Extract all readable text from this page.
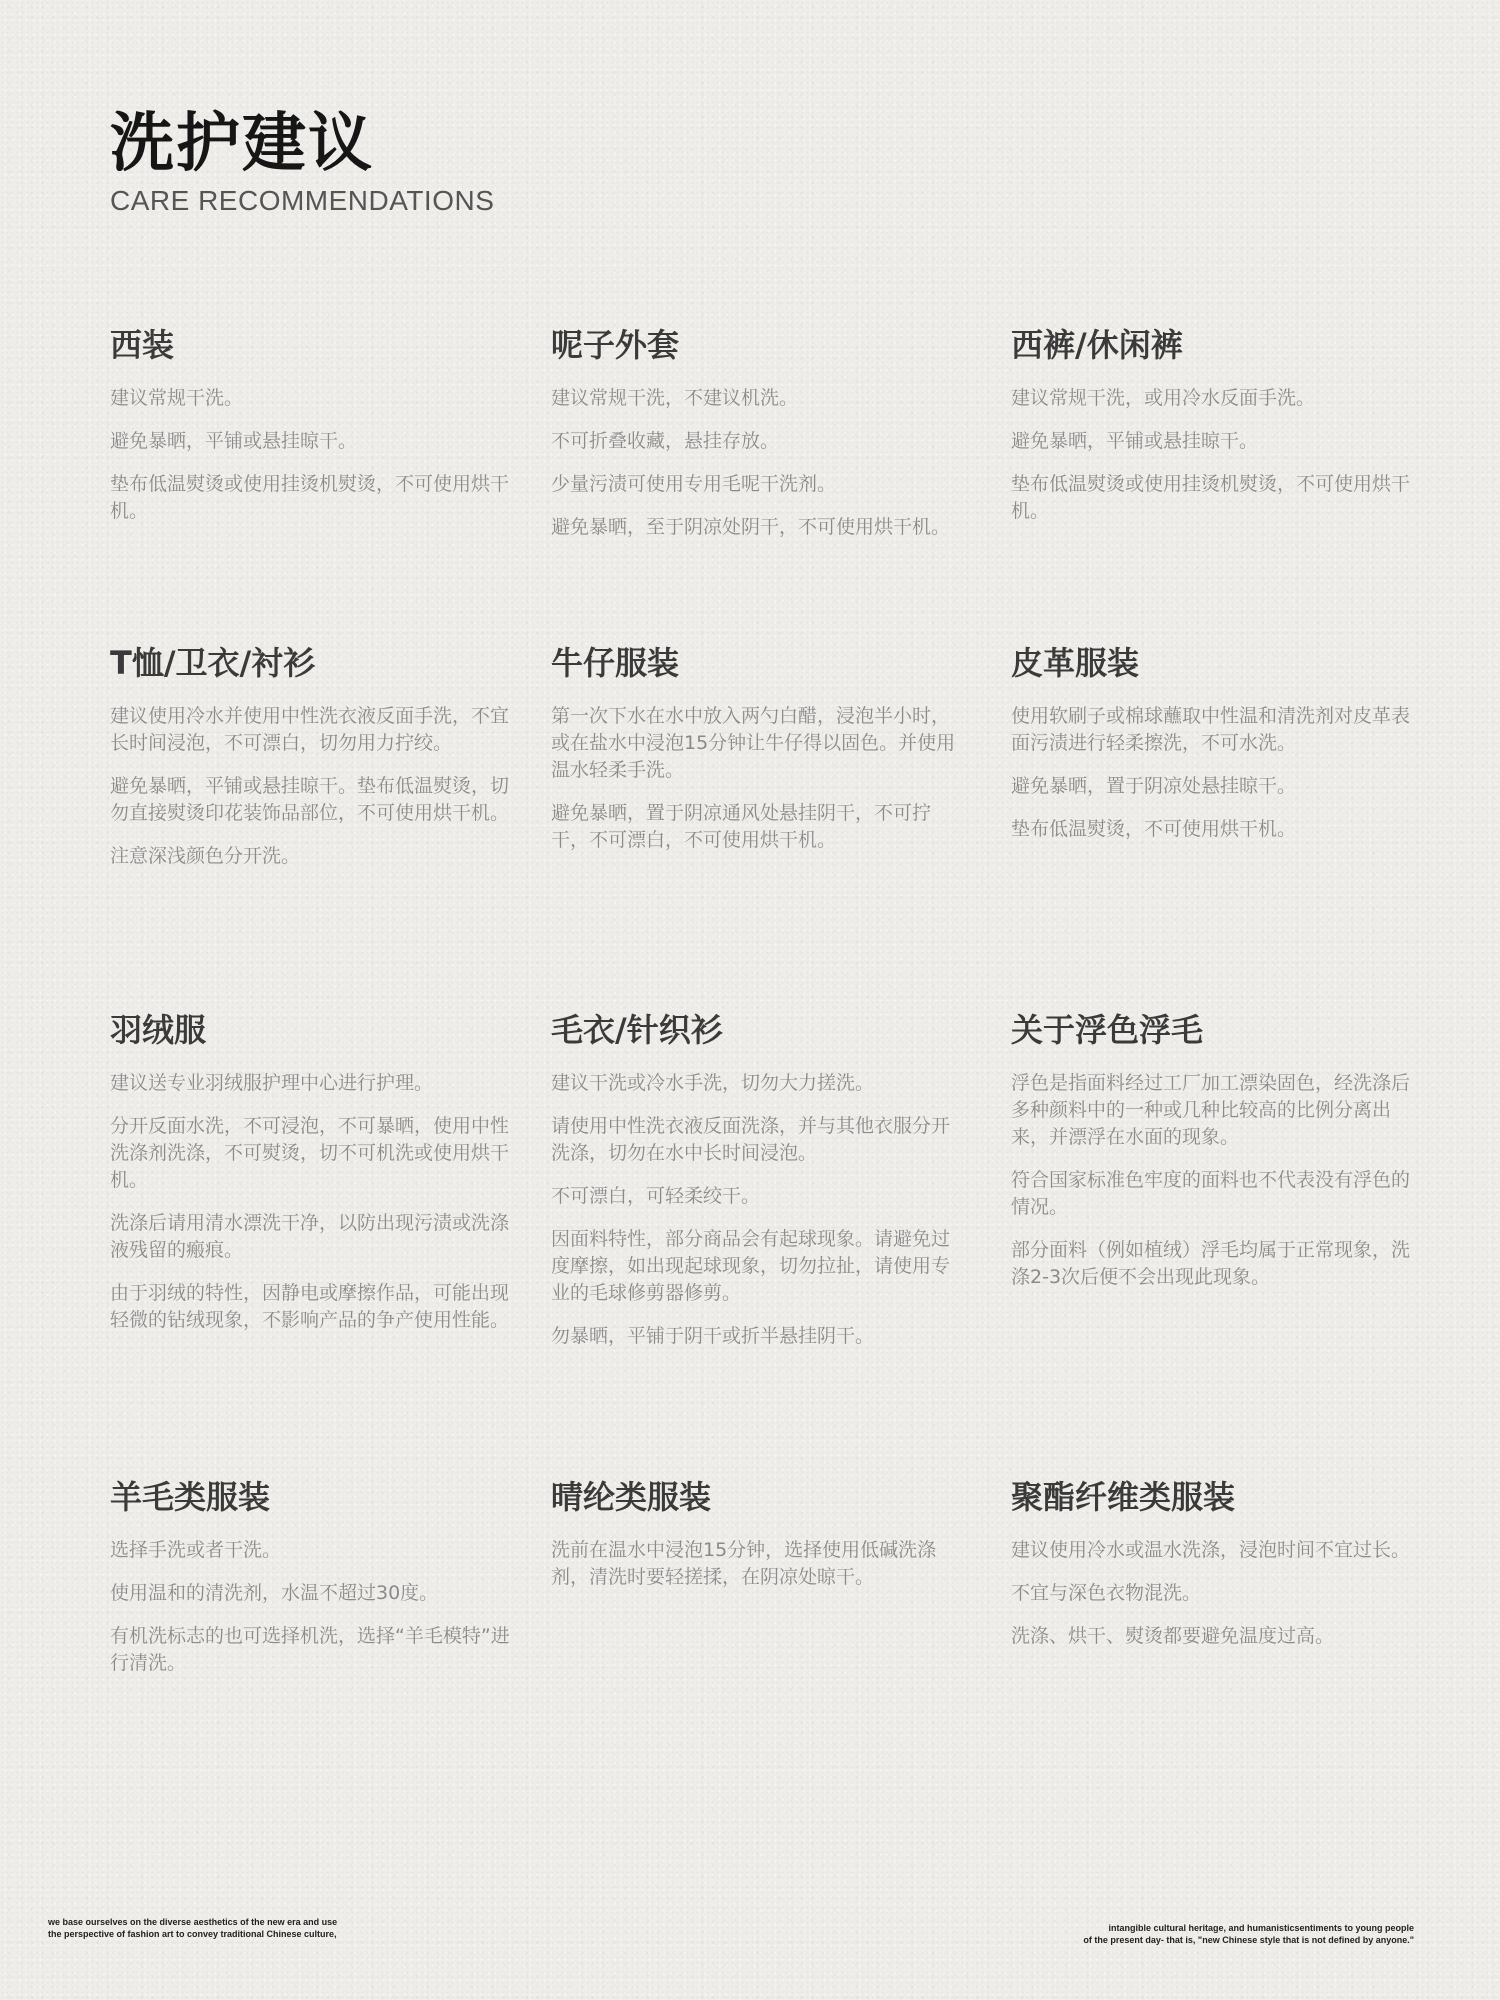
洗护建议
CARE RECOMMENDATIONS
西装

建议常规干洗。

避免暴晒，平铺或悬挂晾干。

垫布低温熨烫或使用挂烫机熨烫，不可使用烘干机。

呢子外套

建议常规干洗，不建议机洗。

不可折叠收藏，悬挂存放。

少量污渍可使用专用毛呢干洗剂。

避免暴晒，至于阴凉处阴干，不可使用烘干机。

西裤/休闲裤

建议常规干洗，或用冷水反面手洗。

避免暴晒，平铺或悬挂晾干。

垫布低温熨烫或使用挂烫机熨烫，不可使用烘干机。

T恤/卫衣/衬衫

建议使用冷水并使用中性洗衣液反面手洗，不宜长时间浸泡，不可漂白，切勿用力拧绞。

避免暴晒，平铺或悬挂晾干。垫布低温熨烫，切勿直接熨烫印花装饰品部位，不可使用烘干机。

注意深浅颜色分开洗。

牛仔服装

第一次下水在水中放入两勺白醋，浸泡半小时，或在盐水中浸泡15分钟让牛仔得以固色。并使用温水轻柔手洗。

避免暴晒，置于阴凉通风处悬挂阴干，不可拧干，不可漂白，不可使用烘干机。

皮革服装

使用软刷子或棉球蘸取中性温和清洗剂对皮革表面污渍进行轻柔擦洗，不可水洗。

避免暴晒，置于阴凉处悬挂晾干。

垫布低温熨烫，不可使用烘干机。

羽绒服

建议送专业羽绒服护理中心进行护理。

分开反面水洗，不可浸泡，不可暴晒，使用中性洗涤剂洗涤，不可熨烫，切不可机洗或使用烘干机。

洗涤后请用清水漂洗干净，以防出现污渍或洗涤液残留的瘢痕。

由于羽绒的特性，因静电或摩擦作品，可能出现轻微的钻绒现象，不影响产品的争产使用性能。

毛衣/针织衫

建议干洗或冷水手洗，切勿大力搓洗。

请使用中性洗衣液反面洗涤，并与其他衣服分开洗涤，切勿在水中长时间浸泡。

不可漂白，可轻柔绞干。

因面料特性，部分商品会有起球现象。请避免过度摩擦，如出现起球现象，切勿拉扯，请使用专业的毛球修剪器修剪。

勿暴晒，平铺于阴干或折半悬挂阴干。

关于浮色浮毛

浮色是指面料经过工厂加工漂染固色，经洗涤后多种颜料中的一种或几种比较高的比例分离出来，并漂浮在水面的现象。

符合国家标准色牢度的面料也不代表没有浮色的情况。

部分面料（例如植绒）浮毛均属于正常现象，洗涤2-3次后便不会出现此现象。

羊毛类服装

选择手洗或者干洗。

使用温和的清洗剂，水温不超过30度。

有机洗标志的也可选择机洗，选择“羊毛模特”进行清洗。

晴纶类服装

洗前在温水中浸泡15分钟，选择使用低碱洗涤剂，清洗时要轻搓揉，在阴凉处晾干。

聚酯纤维类服装

建议使用冷水或温水洗涤，浸泡时间不宜过长。

不宜与深色衣物混洗。

洗涤、烘干、熨烫都要避免温度过高。

we base ourselves on the diverse aesthetics of the new era and use
the perspective of fashion art to convey traditional Chinese culture,
intangible cultural heritage, and humanisticsentiments to young people
of the present day- that is, "new Chinese style that is not defined by anyone."
